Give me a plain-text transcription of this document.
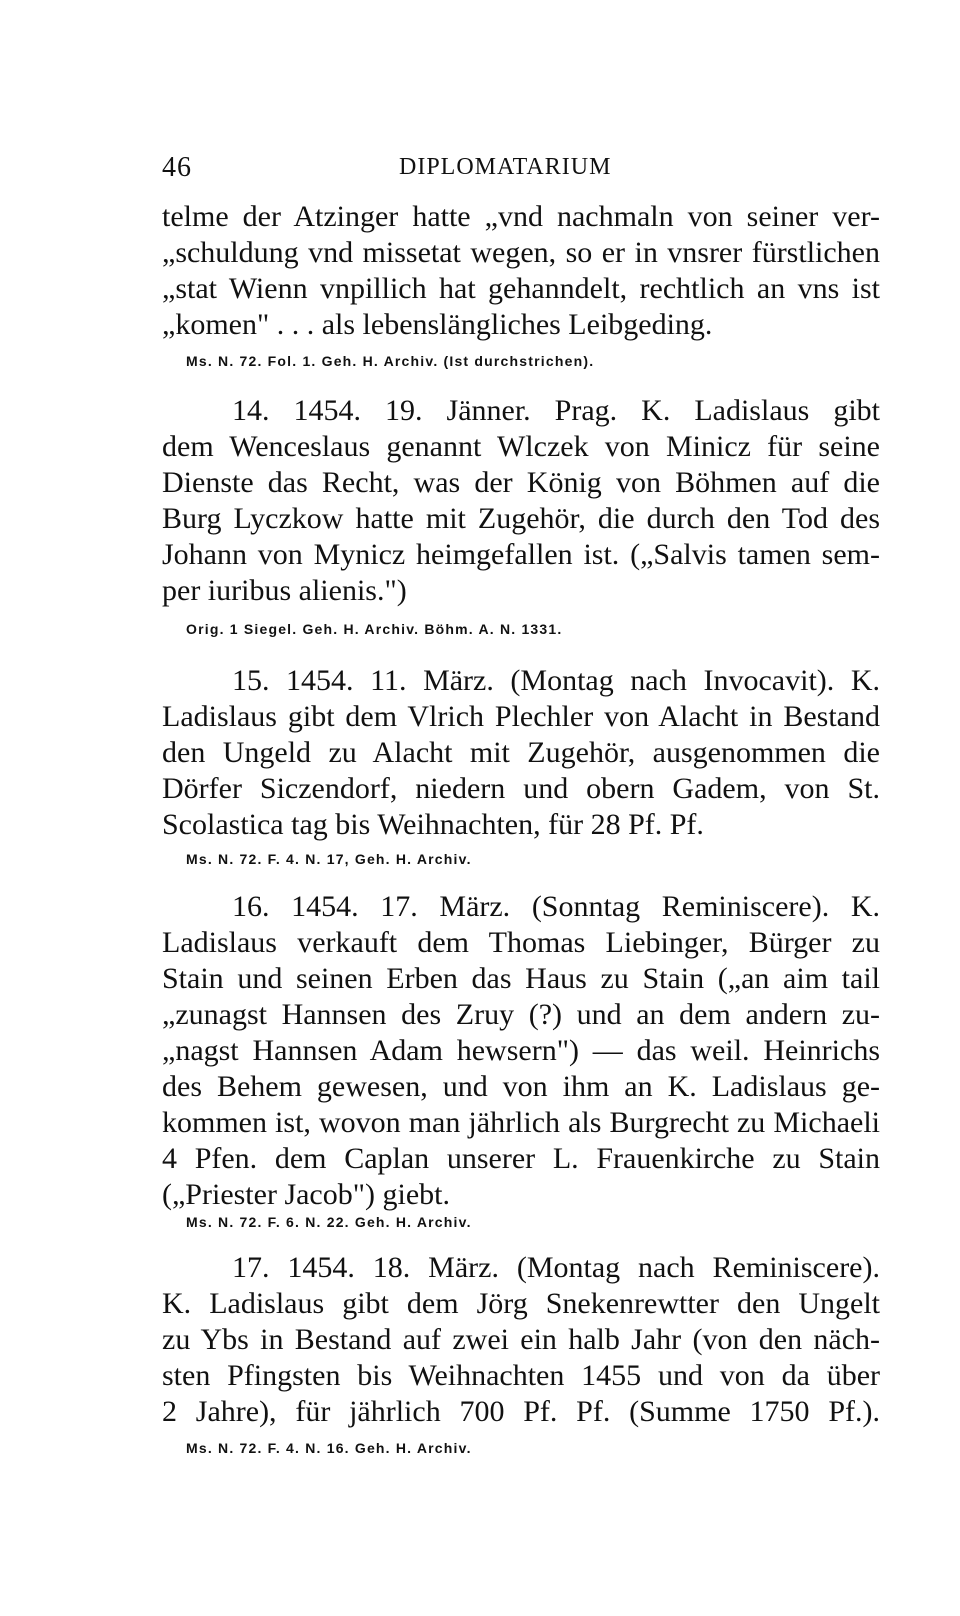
46	DIPLOMATARIUM
telme der Atzinger hatte „vnd nachmaln von seiner ver-
„schuldung vnd missetat wegen, so er in vnsrer fürstlichen
„stat Wienn vnpillich hat gehanndelt, rechtlich an vns ist
„komen" . . . als lebenslängliches Leibgeding.
Ms. N. 72. Fol. 1. Geh. H. Archiv. (Ist durchstrichen).
14. 1454. 19. Jänner. Prag. K. Ladislaus gibt
dem Wenceslaus genannt Wlczek von Minicz für seine
Dienste das Recht, was der König von Böhmen auf die
Burg Lyczkow hatte mit Zugehör, die durch den Tod des
Johann von Mynicz heimgefallen ist. („Salvis tamen sem-
per iuribus alienis.")
Orig. 1 Siegel. Geh. H. Archiv. Böhm. A. N. 1331.
15. 1454. 11. März. (Montag nach Invocavit). K.
Ladislaus gibt dem Vlrich Plechler von Alacht in Bestand
den Ungeld zu Alacht mit Zugehör, ausgenommen die
Dörfer Siczendorf, niedern und obern Gadem, von St.
Scolastica tag bis Weihnachten, für 28 Pf. Pf.
Ms. N. 72. F. 4. N. 17, Geh. H. Archiv.
16. 1454. 17. März. (Sonntag Reminiscere). K.
Ladislaus verkauft dem Thomas Liebinger, Bürger zu
Stain und seinen Erben das Haus zu Stain („an aim tail
„zunagst Hannsen des Zruy (?) und an dem andern zu-
„nagst Hannsen Adam hewsern") — das weil. Heinrichs
des Behem gewesen, und von ihm an K. Ladislaus ge-
kommen ist, wovon man jährlich als Burgrecht zu Michaeli
4 Pfen. dem Caplan unserer L. Frauenkirche zu Stain
(„Priester Jacob") giebt.
Ms. N. 72. F. 6. N. 22. Geh. H. Archiv.
17. 1454. 18. März. (Montag nach Reminiscere).
K. Ladislaus gibt dem Jörg Snekenrewtter den Ungelt
zu Ybs in Bestand auf zwei ein halb Jahr (von den näch-
sten Pfingsten bis Weihnachten 1455 und von da über
2 Jahre), für jährlich 700 Pf. Pf. (Summe 1750 Pf.).
Ms. N. 72. F. 4. N. 16. Geh. H. Archiv.
